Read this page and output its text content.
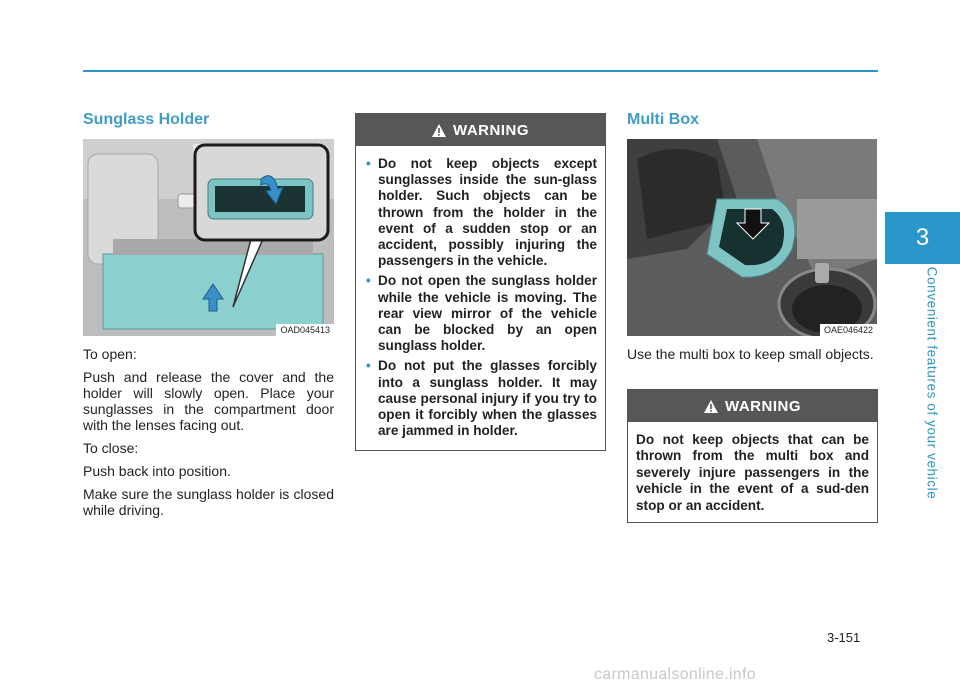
3
Convenient features of your vehicle
Sunglass Holder
OAD045413

To open:

Push and release the cover and the holder will slowly open. Place your sunglasses in the compartment door with the lenses facing out.

To close:

Push back into position.

Make sure the sunglass holder is closed while driving.

WARNING
• Do not keep objects except sunglasses inside the sun-glass holder. Such objects can be thrown from the holder in the event of a sudden stop or an accident, possibly injuring the passengers in the vehicle.
• Do not open the sunglass holder while the vehicle is moving. The rear view mirror of the vehicle can be blocked by an open sunglass holder.
• Do not put the glasses forcibly into a sunglass holder. It may cause personal injury if you try to open it forcibly when the glasses are jammed in holder.
Multi Box
OAE046422

Use the multi box to keep small objects.

WARNING
Do not keep objects that can be thrown from the multi box and severely injure passengers in the vehicle in the event of a sud-den stop or an accident.
3-151
carmanualsonline.info
